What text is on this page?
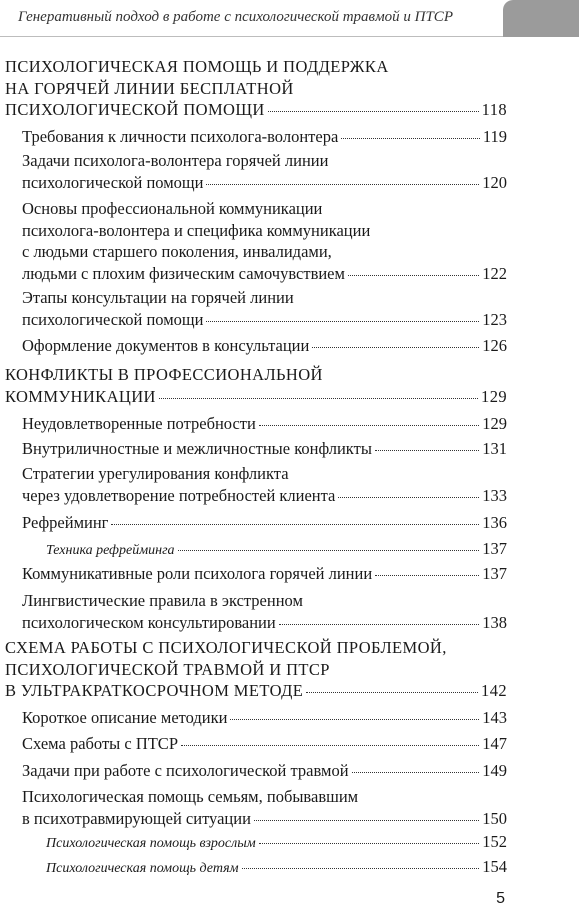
Генеративный подход в работе с психологической травмой и ПТСР
ПСИХОЛОГИЧЕСКАЯ ПОМОЩЬ И ПОДДЕРЖКА
НА ГОРЯЧЕЙ ЛИНИИ БЕСПЛАТНОЙ
ПСИХОЛОГИЧЕСКОЙ ПОМОЩИ	118
Требования к личности психолога-волонтера	119
Задачи психолога-волонтера горячей линии
психологической помощи	120
Основы профессиональной коммуникации
психолога-волонтера и специфика коммуникации
с людьми старшего поколения, инвалидами,
людьми с плохим физическим самочувствием	122
Этапы консультации на горячей линии
психологической помощи	123
Оформление документов в консультации	126
КОНФЛИКТЫ В ПРОФЕССИОНАЛЬНОЙ
КОММУНИКАЦИИ	129
Неудовлетворенные потребности	129
Внутриличностные и межличностные конфликты	131
Стратегии урегулирования конфликта
через удовлетворение потребностей клиента	133
Рефрейминг	136
Техника рефрейминга	137
Коммуникативные роли психолога горячей линии	137
Лингвистические правила в экстренном
психологическом консультировании	138
СХЕМА РАБОТЫ С ПСИХОЛОГИЧЕСКОЙ ПРОБЛЕМОЙ,
ПСИХОЛОГИЧЕСКОЙ ТРАВМОЙ И ПТСР
В УЛЬТРАКРАТКОСРОЧНОМ МЕТОДЕ	142
Короткое описание методики	143
Схема работы с ПТСР	147
Задачи при работе с психологической травмой	149
Психологическая помощь семьям, побывавшим
в психотравмирующей ситуации	150
Психологическая помощь взрослым	152
Психологическая помощь детям	154
5
